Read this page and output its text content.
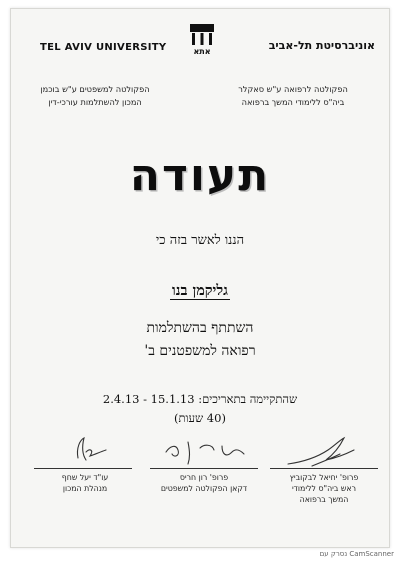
TEL AVIV UNIVERSITY	אתא	אוניברסיטת תל-אביב
הפקולטה למשפטים ע"ש בוכמן
המכון להשתלמות עורכי-דין
הפקולטה לרפואה ע"ש סאקלר
ביה"ס ללימודי המשך ברפואה
תעודה
הננו לאשר בזה כי
גליקמן בנו
השתתף בהשתלמות
רפואה למשפטנים ב'
שהתקיימה בתאריכים: 15.1.13 - 2.4.13
(40 שעות)
עו"ד יעל שחף
מנהלת המכון
פרופ' רון חריס
דקאן הפקולטה למשפטים
פרופ' יחיאל לבקוביץ
ראש ביה"ס ללימודי
המשך ברפואה
נסרק עם CamScanner
